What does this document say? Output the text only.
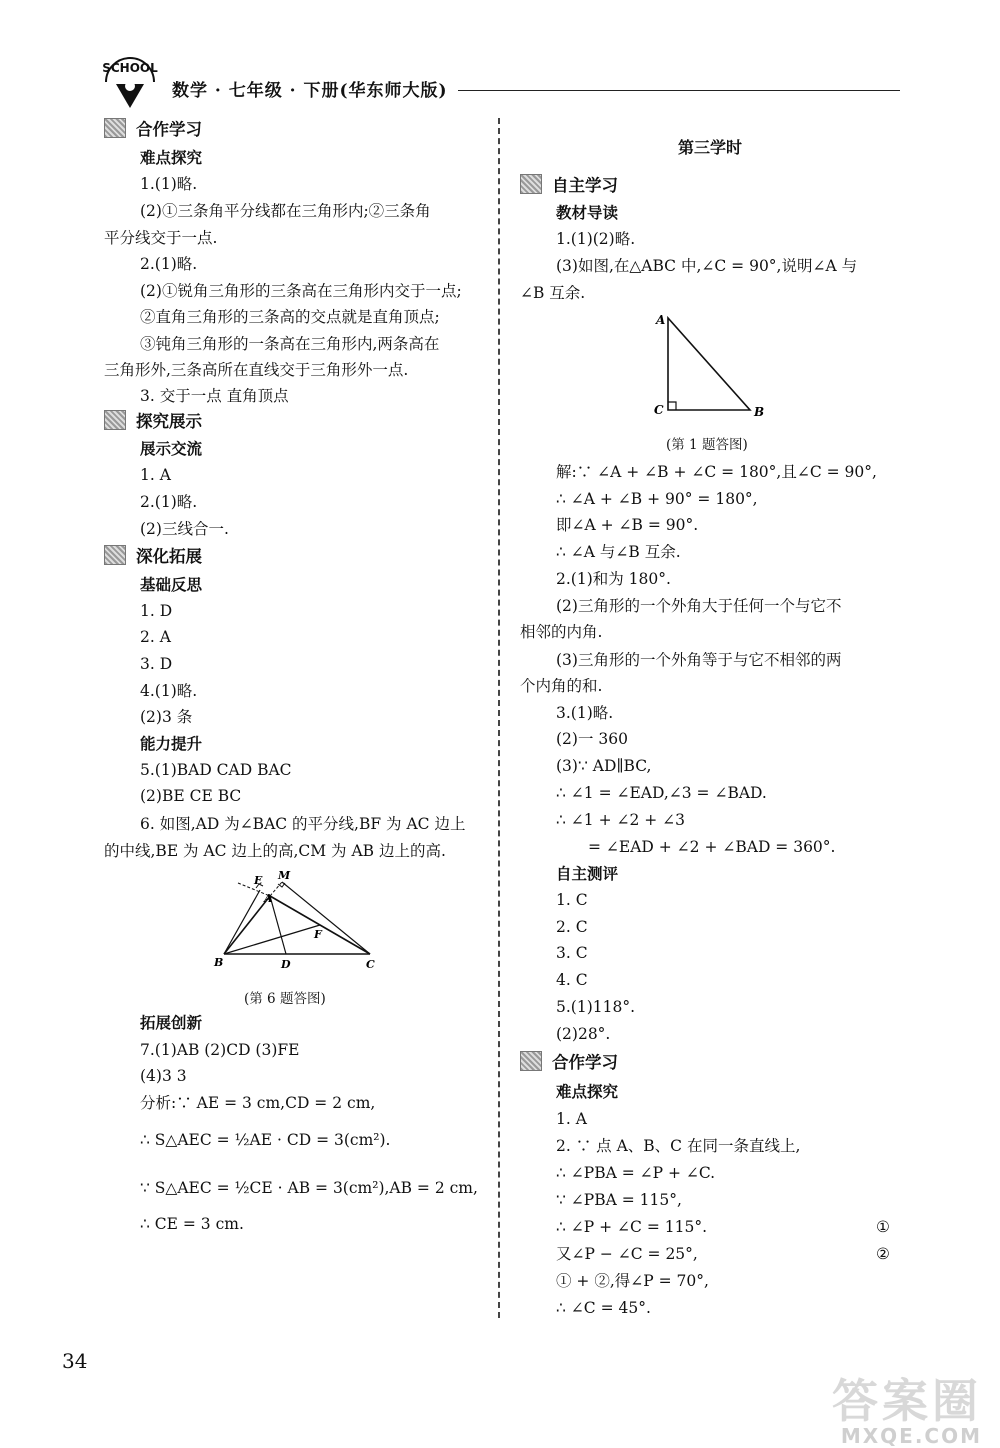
SCHOOL
数学 · 七年级 · 下册(华东师大版)
合作学习
难点探究
1.(1)略.
(2)①三条角平分线都在三角形内;②三条角
平分线交于一点.
2.(1)略.
(2)①锐角三角形的三条高在三角形内交于一点;
②直角三角形的三条高的交点就是直角顶点;
③钝角三角形的一条高在三角形内,两条高在
三角形外,三条高所在直线交于三角形外一点.
3. 交于一点 直角顶点
探究展示
展示交流
1. A
2.(1)略.
(2)三线合一.
深化拓展
基础反思
1. D
2. A
3. D
4.(1)略.
(2)3 条
能力提升
5.(1)BAD CAD BAC
(2)BE CE BC
6. 如图,AD 为∠BAC 的平分线,BF 为 AC 边上
的中线,BE 为 AC 边上的高,CM 为 AB 边上的高.
拓展创新
7.(1)AB (2)CD (3)FE
(4)3 3
分析:∵ AE = 3 cm,CD = 2 cm,
∴ S△AEC = ½AE · CD = 3(cm²).
∵ S△AEC = ½CE · AB = 3(cm²),AB = 2 cm,
∴ CE = 3 cm.
第三学时
自主学习
教材导读
1.(1)(2)略.
(3)如图,在△ABC 中,∠C = 90°,说明∠A 与
∠B 互余.
解:∵ ∠A + ∠B + ∠C = 180°,且∠C = 90°,
∴ ∠A + ∠B + 90° = 180°,
即∠A + ∠B = 90°.
∴ ∠A 与∠B 互余.
2.(1)和为 180°.
(2)三角形的一个外角大于任何一个与它不
相邻的内角.
(3)三角形的一个外角等于与它不相邻的两
个内角的和.
3.(1)略.
(2)一 360
(3)∵ AD∥BC,
∴ ∠1 = ∠EAD,∠3 = ∠BAD.
∴ ∠1 + ∠2 + ∠3
= ∠EAD + ∠2 + ∠BAD = 360°.
自主测评
1. C
2. C
3. C
4. C
5.(1)118°.
(2)28°.
合作学习
难点探究
1. A
2. ∵ 点 A、B、C 在同一条直线上,
∴ ∠PBA = ∠P + ∠C.
∵ ∠PBA = 115°,
∴ ∠P + ∠C = 115°.
又∠P − ∠C = 25°,
① + ②,得∠P = 70°,
∴ ∠C = 45°.
①
②
A
C	B
(第 1 题答图)
E M
A
F
B	D	C
(第 6 题答图)
34
答案圈
MXQE.COM
